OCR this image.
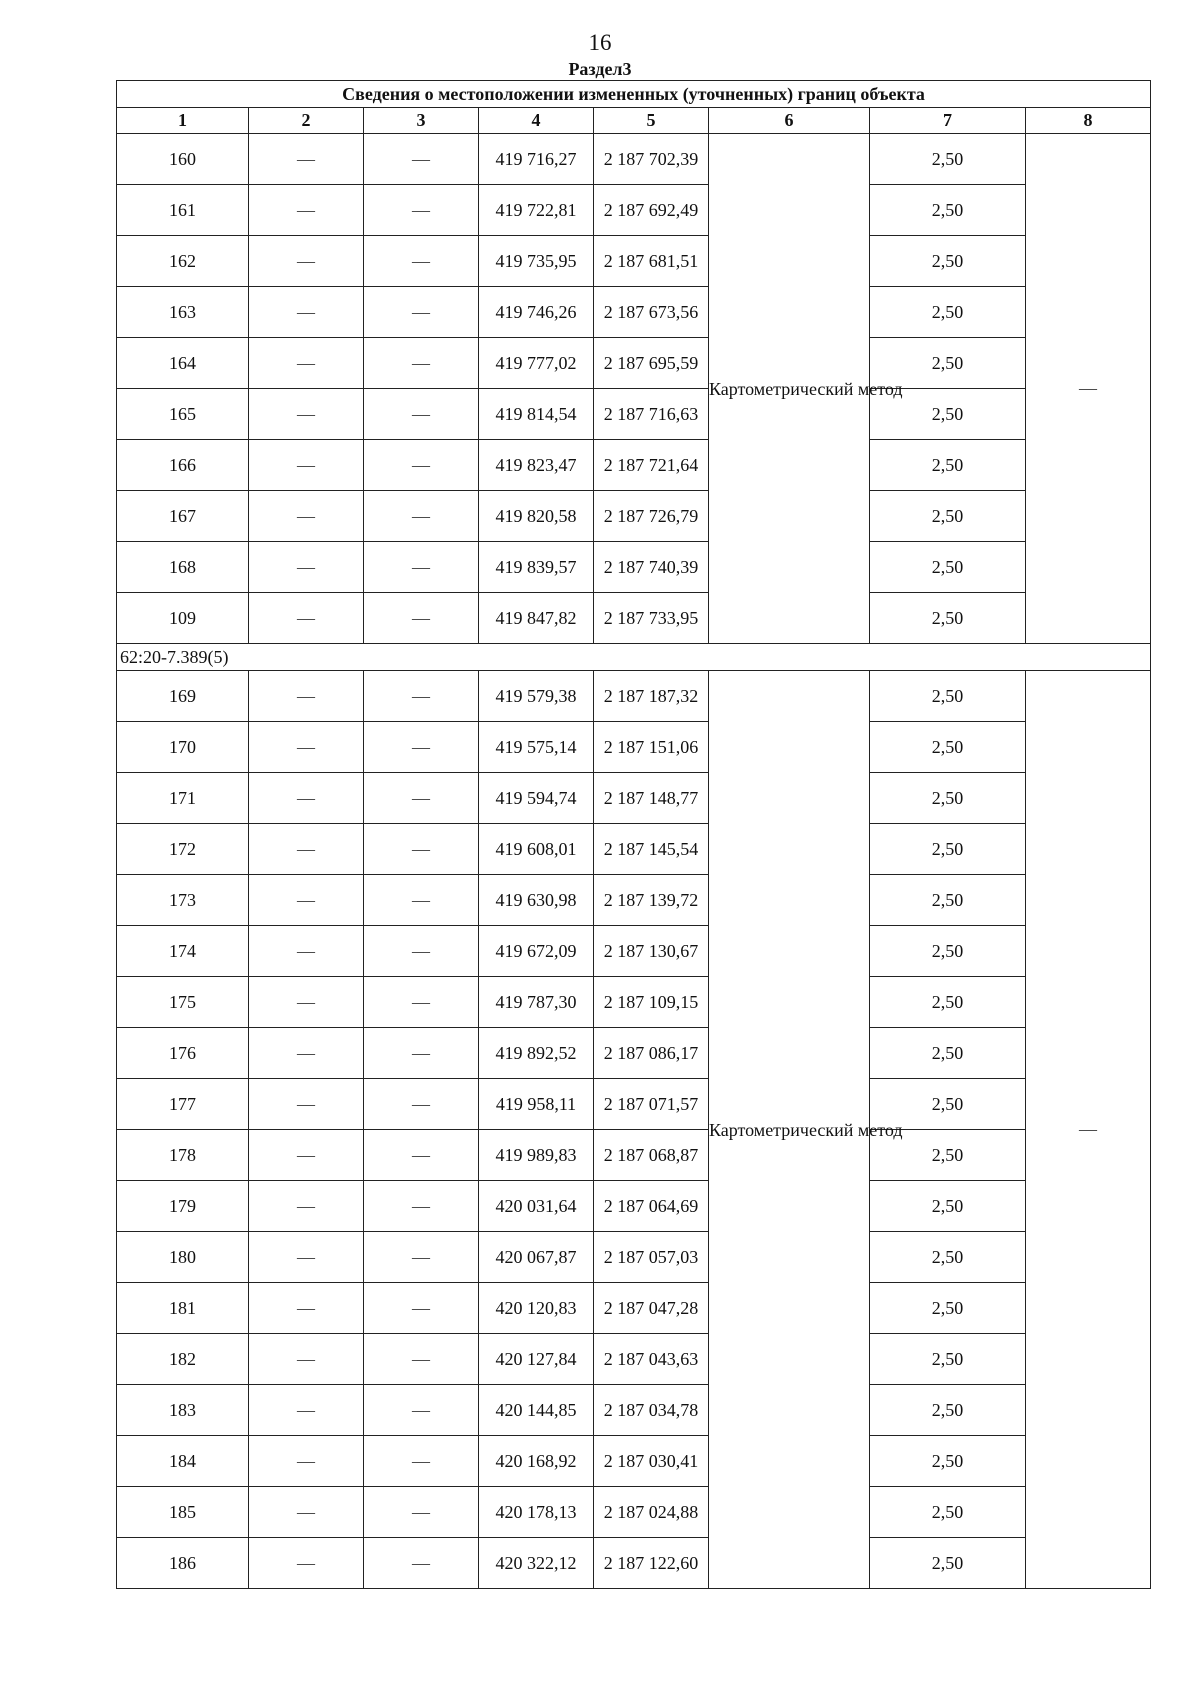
16
Раздел3
Сведения о местоположении измененных (уточненных) границ объекта							
1	2	3	4	5	6	7	8
160	—	—	419 716,27	2 187 702,39	Картометрический метод	2,50	—
161	—	—	419 722,81	2 187 692,49		2,50	
162	—	—	419 735,95	2 187 681,51		2,50	
163	—	—	419 746,26	2 187 673,56		2,50	
164	—	—	419 777,02	2 187 695,59		2,50	
165	—	—	419 814,54	2 187 716,63		2,50	
166	—	—	419 823,47	2 187 721,64		2,50	
167	—	—	419 820,58	2 187 726,79		2,50	
168	—	—	419 839,57	2 187 740,39		2,50	
109	—	—	419 847,82	2 187 733,95		2,50	
62:20-7.389(5)							
169	—	—	419 579,38	2 187 187,32	Картометрический метод	2,50	—
170	—	—	419 575,14	2 187 151,06		2,50	
171	—	—	419 594,74	2 187 148,77		2,50	
172	—	—	419 608,01	2 187 145,54		2,50	
173	—	—	419 630,98	2 187 139,72		2,50	
174	—	—	419 672,09	2 187 130,67		2,50	
175	—	—	419 787,30	2 187 109,15		2,50	
176	—	—	419 892,52	2 187 086,17		2,50	
177	—	—	419 958,11	2 187 071,57		2,50	
178	—	—	419 989,83	2 187 068,87		2,50	
179	—	—	420 031,64	2 187 064,69		2,50	
180	—	—	420 067,87	2 187 057,03		2,50	
181	—	—	420 120,83	2 187 047,28		2,50	
182	—	—	420 127,84	2 187 043,63		2,50	
183	—	—	420 144,85	2 187 034,78		2,50	
184	—	—	420 168,92	2 187 030,41		2,50	
185	—	—	420 178,13	2 187 024,88		2,50	
186	—	—	420 322,12	2 187 122,60		2,50	
